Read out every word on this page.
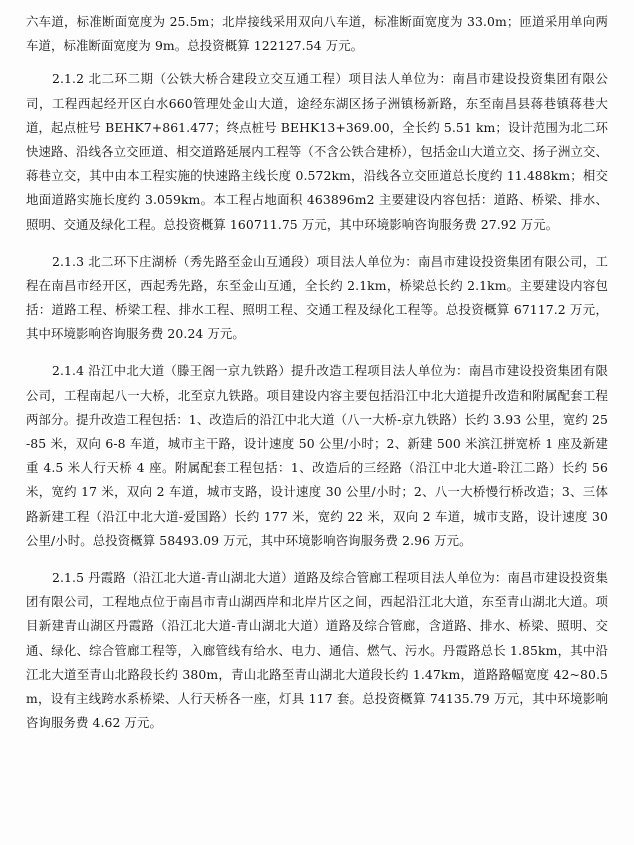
六车道，标准断面宽度为 25.5m；北岸接线采用双向八车道，标准断面宽度为 33.0m；匝道采用单向两车道，标准断面宽度为 9m。总投资概算 122127.54 万元。

2.1.2 北二环二期（公铁大桥合建段立交互通工程）项目法人单位为：南昌市建设投资集团有限公司，工程西起经开区白水660管理处金山大道，途经东湖区扬子洲镇杨新路，东至南昌县蒋巷镇蒋巷大道，起点桩号 BEHK7+861.477；终点桩号 BEHK13+369.00，全长约 5.51 km；设计范围为北二环快速路、沿线各立交匝道、相交道路延展内工程等（不含公铁合建桥），包括金山大道立交、扬子洲立交、蒋巷立交，其中由本工程实施的快速路主线长度 0.572km，沿线各立交匝道总长度约 11.488km；相交地面道路实施长度约 3.059km。本工程占地面积 463896m2 主要建设内容包括：道路、桥梁、排水、照明、交通及绿化工程。总投资概算 160711.75 万元，其中环境影响咨询服务费 27.92 万元。

2.1.3 北二环下庄湖桥（秀先路至金山互通段）项目法人单位为：南昌市建设投资集团有限公司，工程在南昌市经开区，西起秀先路，东至金山互通，全长约 2.1km，桥梁总长约 2.1km。主要建设内容包括：道路工程、桥梁工程、排水工程、照明工程、交通工程及绿化工程等。总投资概算 67117.2 万元，其中环境影响咨询服务费 20.24 万元。

2.1.4 沿江中北大道（滕王阁一京九铁路）提升改造工程项目法人单位为：南昌市建设投资集团有限公司，工程南起八一大桥，北至京九铁路。项目建设内容主要包括沿江中北大道提升改造和附属配套工程两部分。提升改造工程包括：1、改造后的沿江中北大道（八一大桥-京九铁路）长约 3.93 公里，宽约 25-85 米，双向 6-8 车道，城市主干路，设计速度 50 公里/小时；2、新建 500 米滨江拼宽桥 1 座及新建重 4.5 米人行天桥 4 座。附属配套工程包括：1、改造后的三经路（沿江中北大道-聆江二路）长约 56 米，宽约 17 米，双向 2 车道，城市支路，设计速度 30 公里/小时；2、八一大桥慢行桥改造；3、三体路新建工程（沿江中北大道-爱国路）长约 177 米，宽约 22 米，双向 2 车道，城市支路，设计速度 30 公里/小时。总投资概算 58493.09 万元，其中环境影响咨询服务费 2.96 万元。

2.1.5 丹霞路（沿江北大道-青山湖北大道）道路及综合管廊工程项目法人单位为：南昌市建设投资集团有限公司，工程地点位于南昌市青山湖西岸和北岸片区之间，西起沿江北大道，东至青山湖北大道。项目新建青山湖区丹霞路（沿江北大道-青山湖北大道）道路及综合管廊，含道路、排水、桥梁、照明、交通、绿化、综合管廊工程等，入廊管线有给水、电力、通信、燃气、污水。丹霞路总长 1.85km，其中沿江北大道至青山北路段长约 380m，青山北路至青山湖北大道段长约 1.47km，道路路幅宽度 42~80.5m，设有主线跨水系桥梁、人行天桥各一座，灯具 117 套。总投资概算 74135.79 万元，其中环境影响咨询服务费 4.62 万元。
